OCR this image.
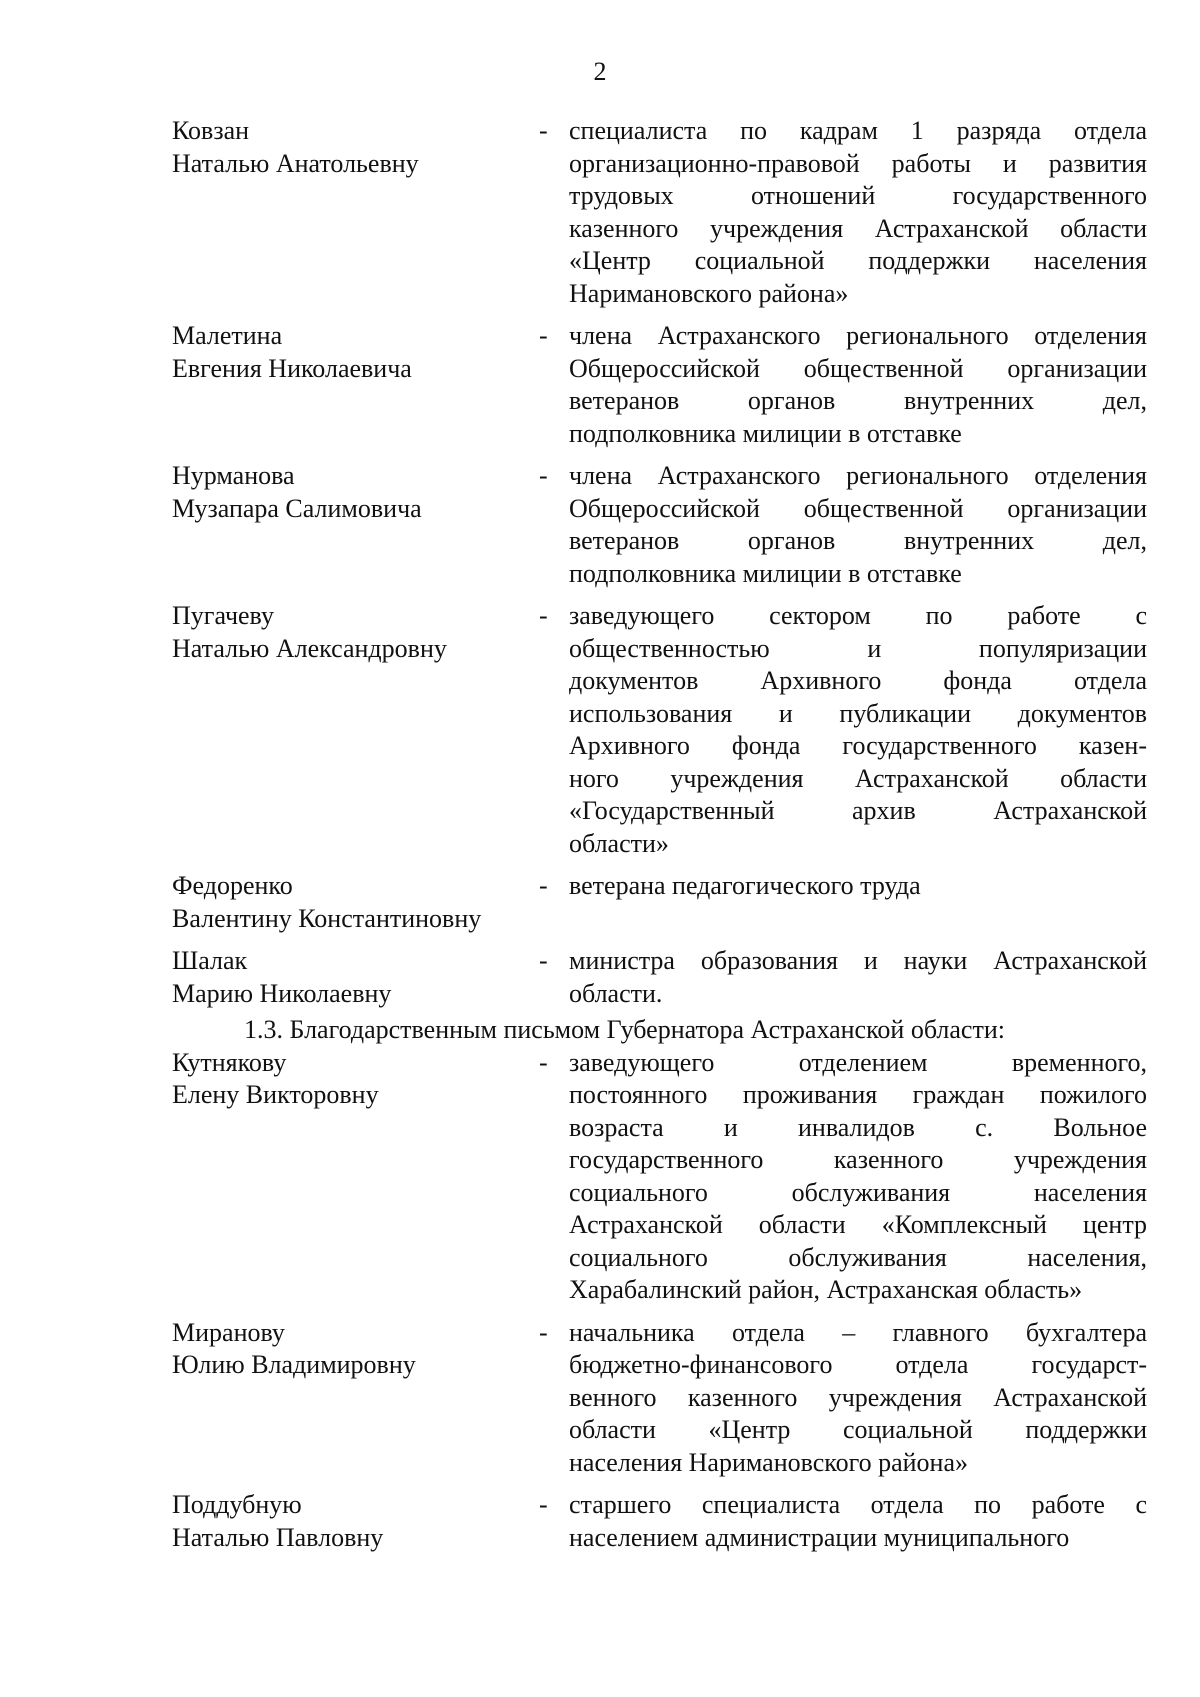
2
Ковзан
Наталью Анатольевну
- специалиста по кадрам 1 разряда отдела
организационно-правовой работы и развития
трудовых отношений государственного
казенного учреждения Астраханской области
«Центр социальной поддержки населения
Наримановского района»
Малетина
Евгения Николаевича
- члена Астраханского регионального отделения
Общероссийской общественной организации
ветеранов органов внутренних дел,
подполковника милиции в отставке
Нурманова
Музапара Салимовича
- члена Астраханского регионального отделения
Общероссийской общественной организации
ветеранов органов внутренних дел,
подполковника милиции в отставке
Пугачеву
Наталью Александровну
- заведующего сектором по работе с
общественностью и популяризации
документов Архивного фонда отдела
использования и публикации документов
Архивного фонда государственного казен-
ного учреждения Астраханской области
«Государственный архив Астраханской
области»
Федоренко
Валентину Константиновну
- ветерана педагогического труда
Шалак
Марию Николаевну
- министра образования и науки Астраханской
области.
1.3. Благодарственным письмом Губернатора Астраханской области:
Кутнякову
Елену Викторовну
- заведующего отделением временного,
постоянного проживания граждан пожилого
возраста и инвалидов с. Вольное
государственного казенного учреждения
социального обслуживания населения
Астраханской области «Комплексный центр
социального обслуживания населения,
Харабалинский район, Астраханская область»
Миранову
Юлию Владимировну
- начальника отдела – главного бухгалтера
бюджетно-финансового отдела государст-
венного казенного учреждения Астраханской
области «Центр социальной поддержки
населения Наримановского района»
Поддубную
Наталью Павловну
- старшего специалиста отдела по работе с
населением администрации муниципального
